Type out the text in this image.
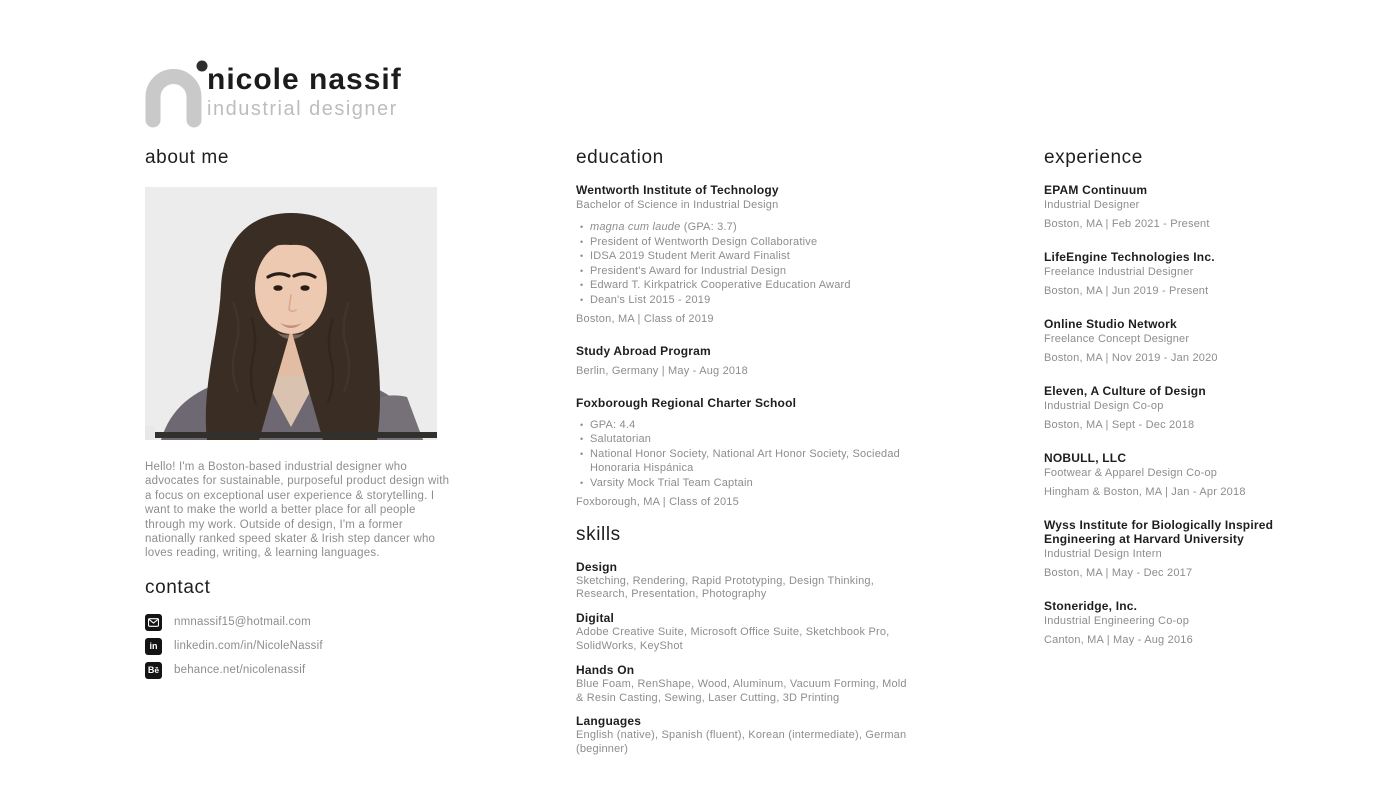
nicole nassif
industrial designer
about me

Hello! I'm a Boston-based industrial designer who advocates for sustainable, purposeful product design with a focus on exceptional user experience & storytelling. I want to make the world a better place for all people through my work. Outside of design, I'm a former nationally ranked speed skater & Irish step dancer who loves reading, writing, & learning languages.

contact
nmnassif15@hotmail.com
in	linkedin.com/in/NicoleNassif
B ē behance.net/nicolenassif
education
Wentworth Institute of Technology
Bachelor of Science in Industrial Design
• magna cum laude (GPA: 3.7)
• President of Wentworth Design Collaborative
• IDSA 2019 Student Merit Award Finalist
• President's Award for Industrial Design
• Edward T. Kirkpatrick Cooperative Education Award
• Dean's List 2015 - 2019
Boston, MA | Class of 2019
Study Abroad Program
Berlin, Germany | May - Aug 2018
Foxborough Regional Charter School
• GPA: 4.4
• Salutatorian
• National Honor Society, National Art Honor Society, Sociedad Honoraria Hispánica
• Varsity Mock Trial Team Captain
Foxborough, MA | Class of 2015
skills
Design
Sketching, Rendering, Rapid Prototyping, Design Thinking, Research, Presentation, Photography
Digital
Adobe Creative Suite, Microsoft Office Suite, Sketchbook Pro, SolidWorks, KeyShot
Hands On
Blue Foam, RenShape, Wood, Aluminum, Vacuum Forming, Mold & Resin Casting, Sewing, Laser Cutting, 3D Printing
Languages
English (native), Spanish (fluent), Korean (intermediate), German (beginner)
experience
EPAM Continuum
Industrial Designer
Boston, MA | Feb 2021 - Present
LifeEngine Technologies Inc.
Freelance Industrial Designer
Boston, MA | Jun 2019 - Present
Online Studio Network
Freelance Concept Designer
Boston, MA | Nov 2019 - Jan 2020
Eleven, A Culture of Design
Industrial Design Co-op
Boston, MA | Sept - Dec 2018
NOBULL, LLC
Footwear & Apparel Design Co-op
Hingham & Boston, MA | Jan - Apr 2018
Wyss Institute for Biologically Inspired Engineering at Harvard University
Industrial Design Intern
Boston, MA | May - Dec 2017
Stoneridge, Inc.
Industrial Engineering Co-op
Canton, MA | May - Aug 2016
